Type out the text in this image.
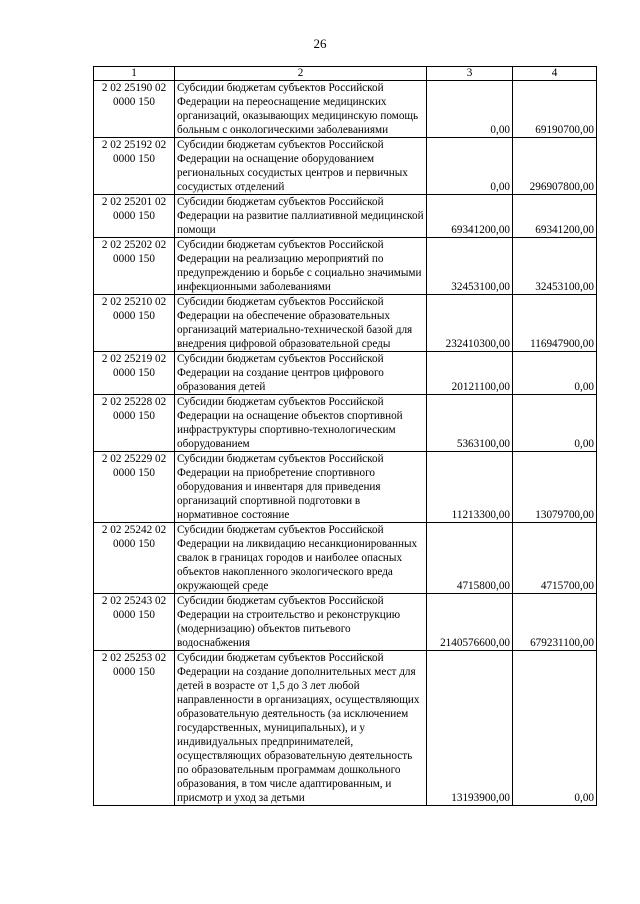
26
1	2	3	4

2 02 25190 02
0000 150	Субсидии бюджетам субъектов Российской Федерации на переоснащение медицинских организаций, оказывающих медицинскую помощь больным с онкологическими заболеваниями	0,00	69190700,00

2 02 25192 02
0000 150	Субсидии бюджетам субъектов Российской Федерации на оснащение оборудованием региональных сосудистых центров и первичных сосудистых отделений	0,00	296907800,00

2 02 25201 02
0000 150	Субсидии бюджетам субъектов Российской Федерации на развитие паллиативной медицинской помощи	69341200,00	69341200,00

2 02 25202 02
0000 150	Субсидии бюджетам субъектов Российской Федерации на реализацию мероприятий по предупреждению и борьбе с социально значимыми инфекционными заболеваниями	32453100,00	32453100,00

2 02 25210 02
0000 150	Субсидии бюджетам субъектов Российской Федерации на обеспечение образовательных организаций материально-технической базой для внедрения цифровой образовательной среды	232410300,00	116947900,00

2 02 25219 02
0000 150	Субсидии бюджетам субъектов Российской Федерации на создание центров цифрового образования детей	20121100,00	0,00

2 02 25228 02
0000 150	Субсидии бюджетам субъектов Российской Федерации на оснащение объектов спортивной инфраструктуры спортивно-технологическим оборудованием	5363100,00	0,00

2 02 25229 02
0000 150	Субсидии бюджетам субъектов Российской Федерации на приобретение спортивного оборудования и инвентаря для приведения организаций спортивной подготовки в нормативное состояние	11213300,00	13079700,00

2 02 25242 02
0000 150	Субсидии бюджетам субъектов Российской Федерации на ликвидацию несанкционированных свалок в границах городов и наиболее опасных объектов накопленного экологического вреда окружающей среде	4715800,00	4715700,00

2 02 25243 02
0000 150	Субсидии бюджетам субъектов Российской Федерации на строительство и реконструкцию (модернизацию) объектов питьевого водоснабжения	2140576600,00	679231100,00

2 02 25253 02
0000 150	Субсидии бюджетам субъектов Российской Федерации на создание дополнительных мест для детей в возрасте от 1,5 до 3 лет любой направленности в организациях, осуществляющих образовательную деятельность (за исключением государственных, муниципальных), и у индивидуальных предпринимателей, осуществляющих образовательную деятельность по образовательным программам дошкольного образования, в том числе адаптированным, и присмотр и уход за детьми	13193900,00	0,00
